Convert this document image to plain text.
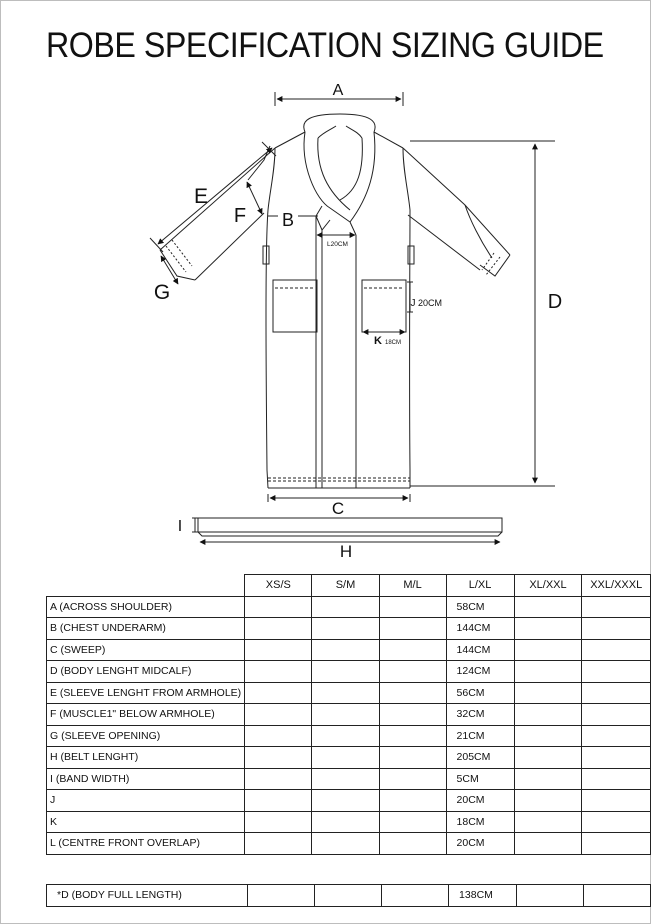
ROBE SPECIFICATION SIZING GUIDE
A
B
C
D
E
F
G
H
I
20CM
J
K 18CM
L20CM
	XS/S	S/M	M/L	L/XL	XL/XXL	XXL/XXXL
A (ACROSS SHOULDER)				58CM		
B (CHEST UNDERARM)				144CM		
C (SWEEP)				144CM		
D (BODY LENGHT MIDCALF)				124CM		
E (SLEEVE LENGHT FROM ARMHOLE)				56CM		
F (MUSCLE1" BELOW ARMHOLE)				32CM		
G (SLEEVE OPENING)				21CM		
H (BELT LENGHT)				205CM		
I (BAND WIDTH)				5CM		
J				20CM		
K				18CM		
L (CENTRE FRONT OVERLAP)				20CM		
*D (BODY FULL LENGTH)				138CM		
